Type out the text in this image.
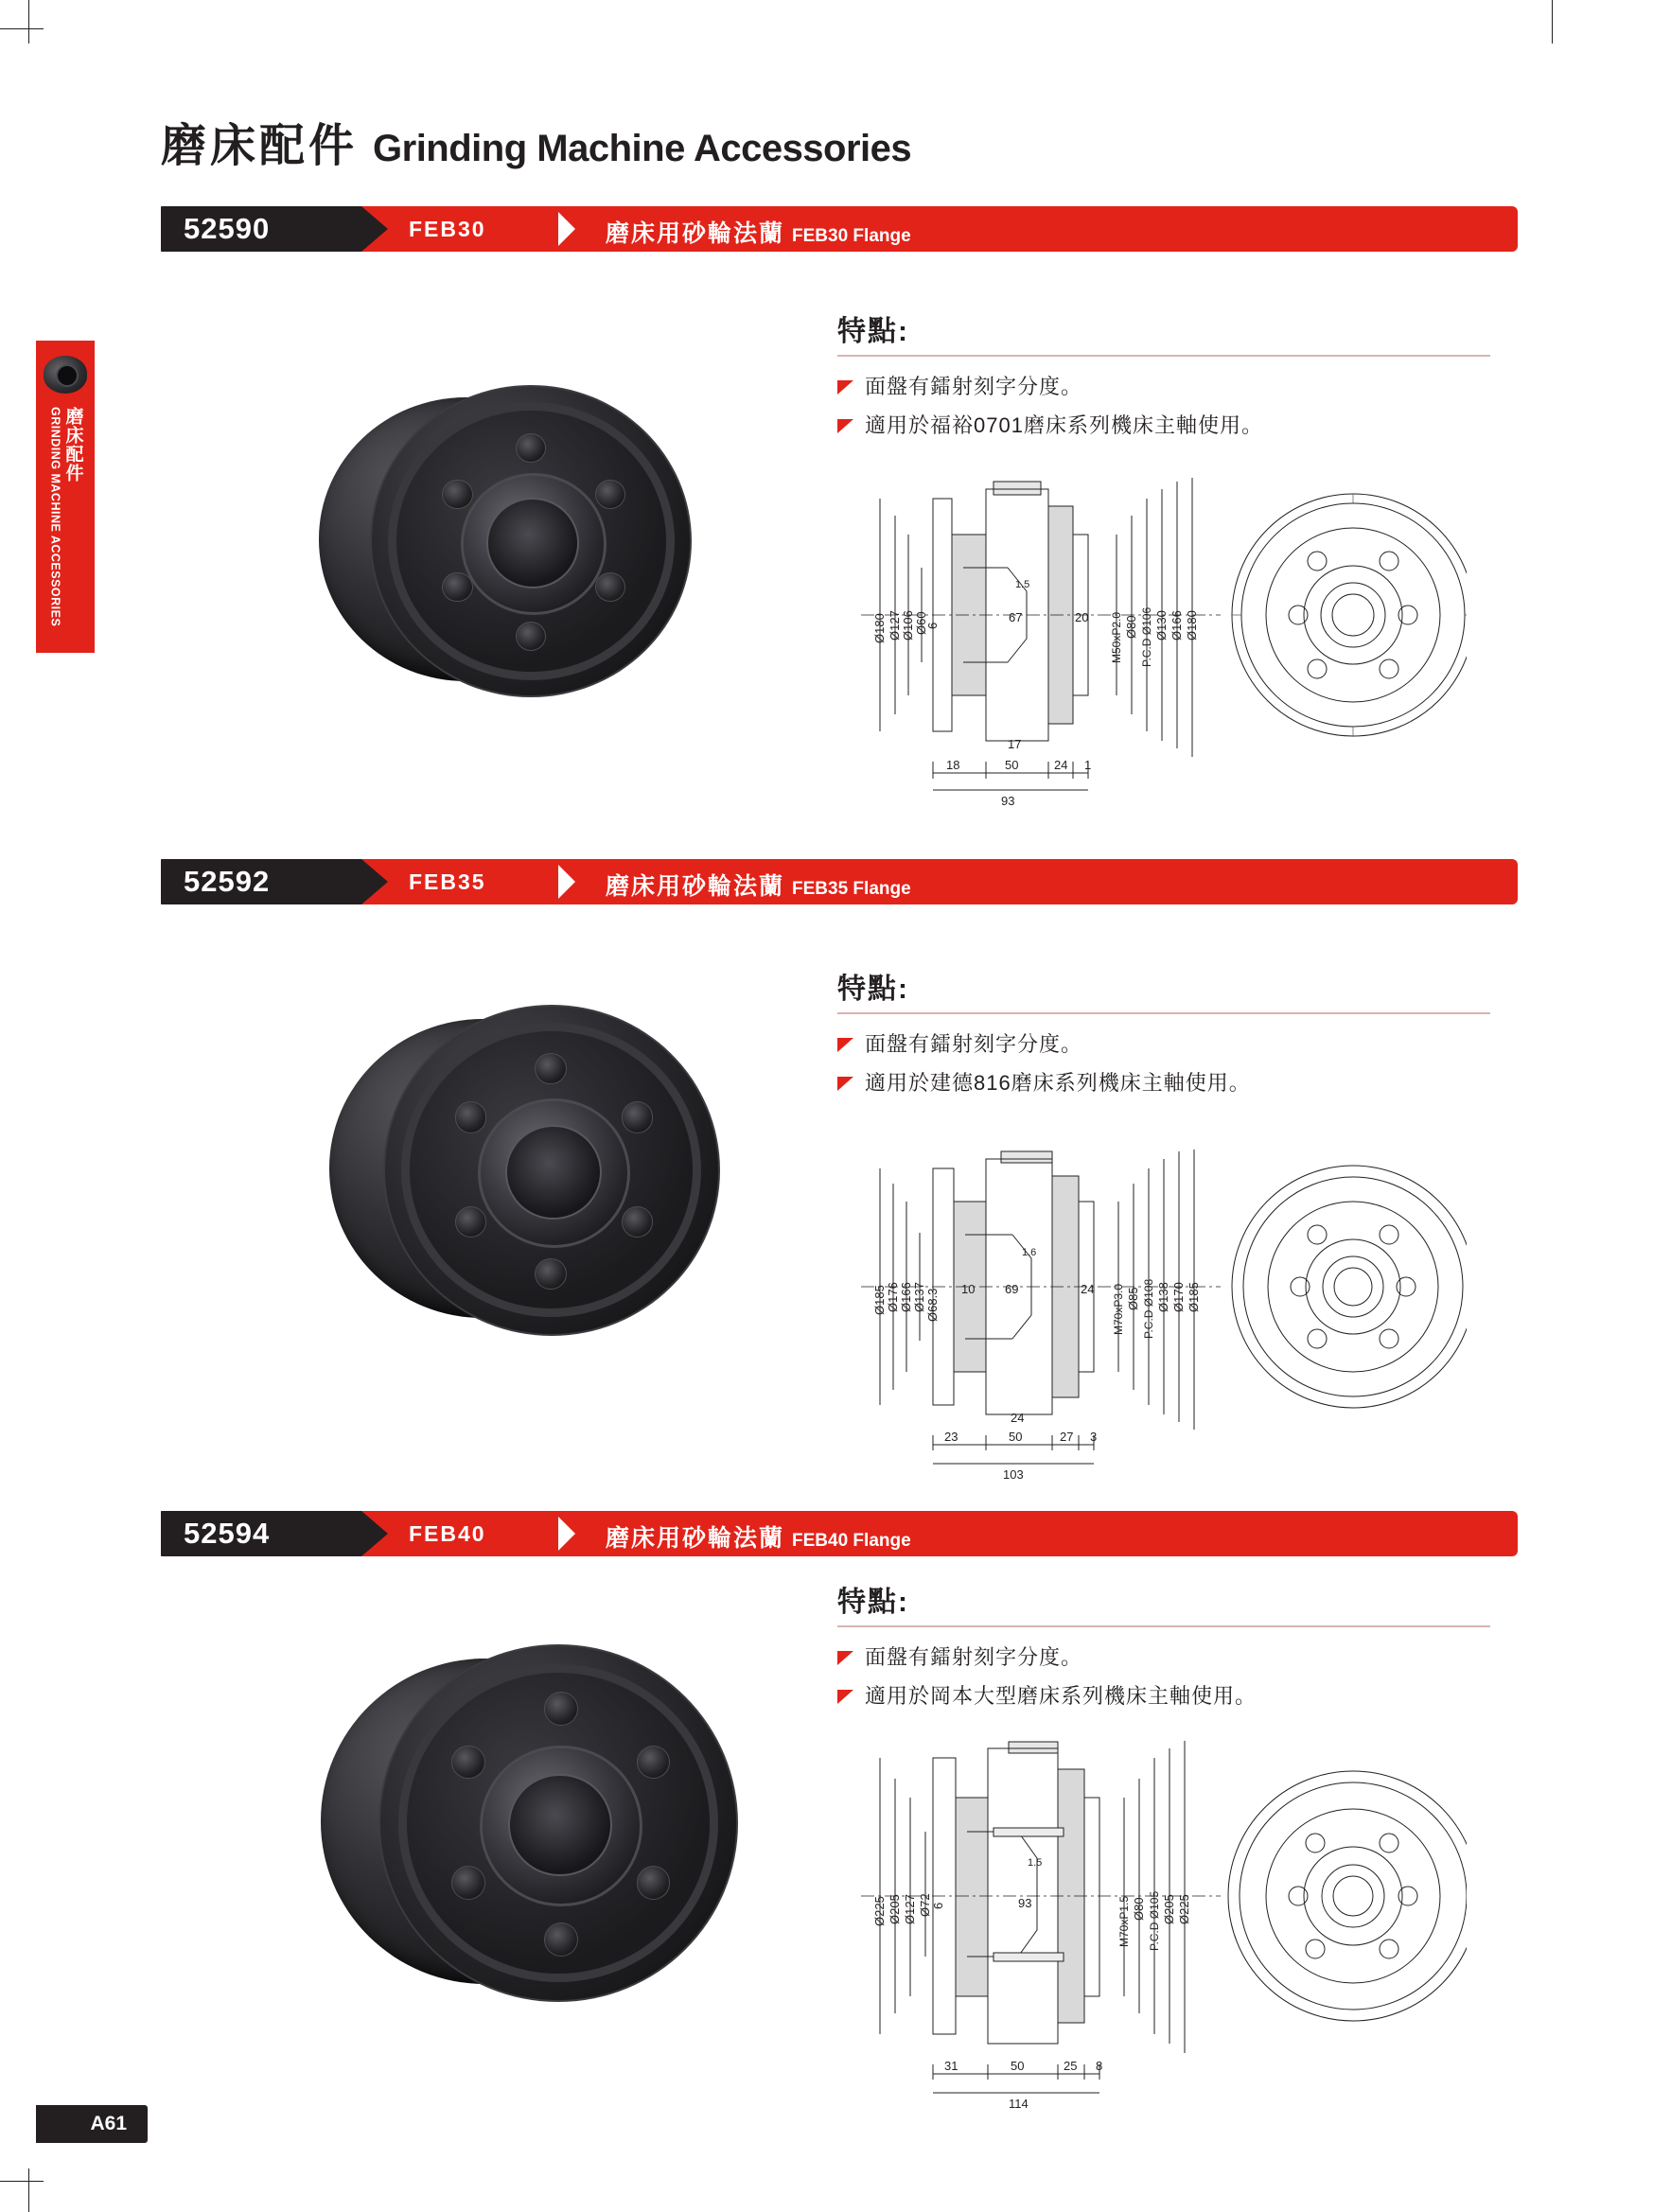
磨床配件
GRINDING MACHINE ACCESSORIES
磨床配件 Grinding Machine Accessories
52590	FEB30	磨床用砂輪法蘭 FEB30 Flange
特點:
面盤有鐳射刻字分度。
適用於福裕0701磨床系列機床主軸使用。
Ø180 Ø127 Ø106 Ø60
6
67	20
1.5
M50xP2.0 Ø80 P.C.D Ø106 Ø130 Ø166 Ø180
17
18	50	24 1
93
52592	FEB35	磨床用砂輪法蘭 FEB35 Flange
特點:
面盤有鐳射刻字分度。
適用於建德816磨床系列機床主軸使用。
Ø185 Ø176 Ø166 Ø137 Ø68.3 10 69	24
1.6
M70xP3.0 Ø85 P.C.D Ø108 Ø138 Ø170 Ø185
24
23	50	27 3
103
52594	FEB40	磨床用砂輪法蘭 FEB40 Flange
特點:
面盤有鐳射刻字分度。
適用於岡本大型磨床系列機床主軸使用。
Ø225 Ø205 Ø127 Ø72 6	93
1.5
M70xP1.5 Ø80 P.C.D Ø105 Ø205 Ø225
31	50	25 8
114
A61
